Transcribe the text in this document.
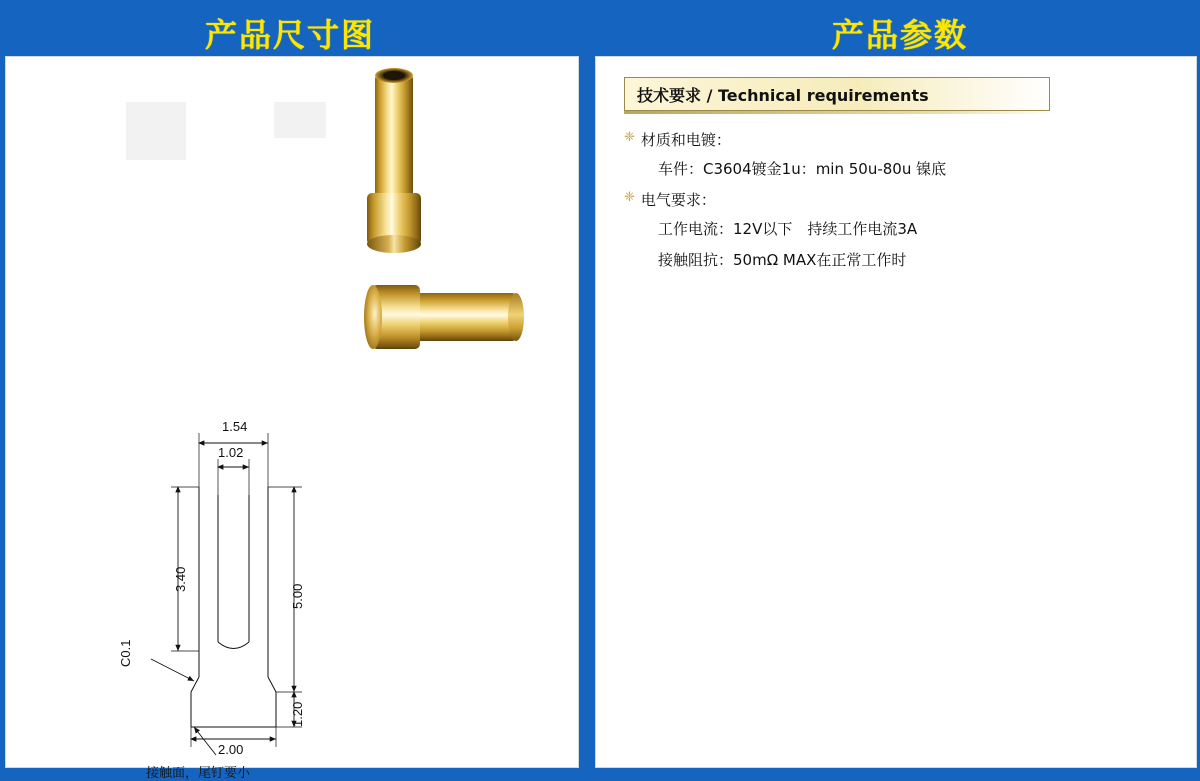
产品尺寸图	产品参数
1.54
1.02
3.40
5.00
1.20
2.00
C0.1
接触面，尾钉要小
技术要求 / Technical requirements
❈ 材质和电镀：
车件：C3604镀金1u：min 50u-80u 镍底
❈ 电气要求：
工作电流：12V以下　持续工作电流3A
接触阻抗：50mΩ MAX在正常工作时
